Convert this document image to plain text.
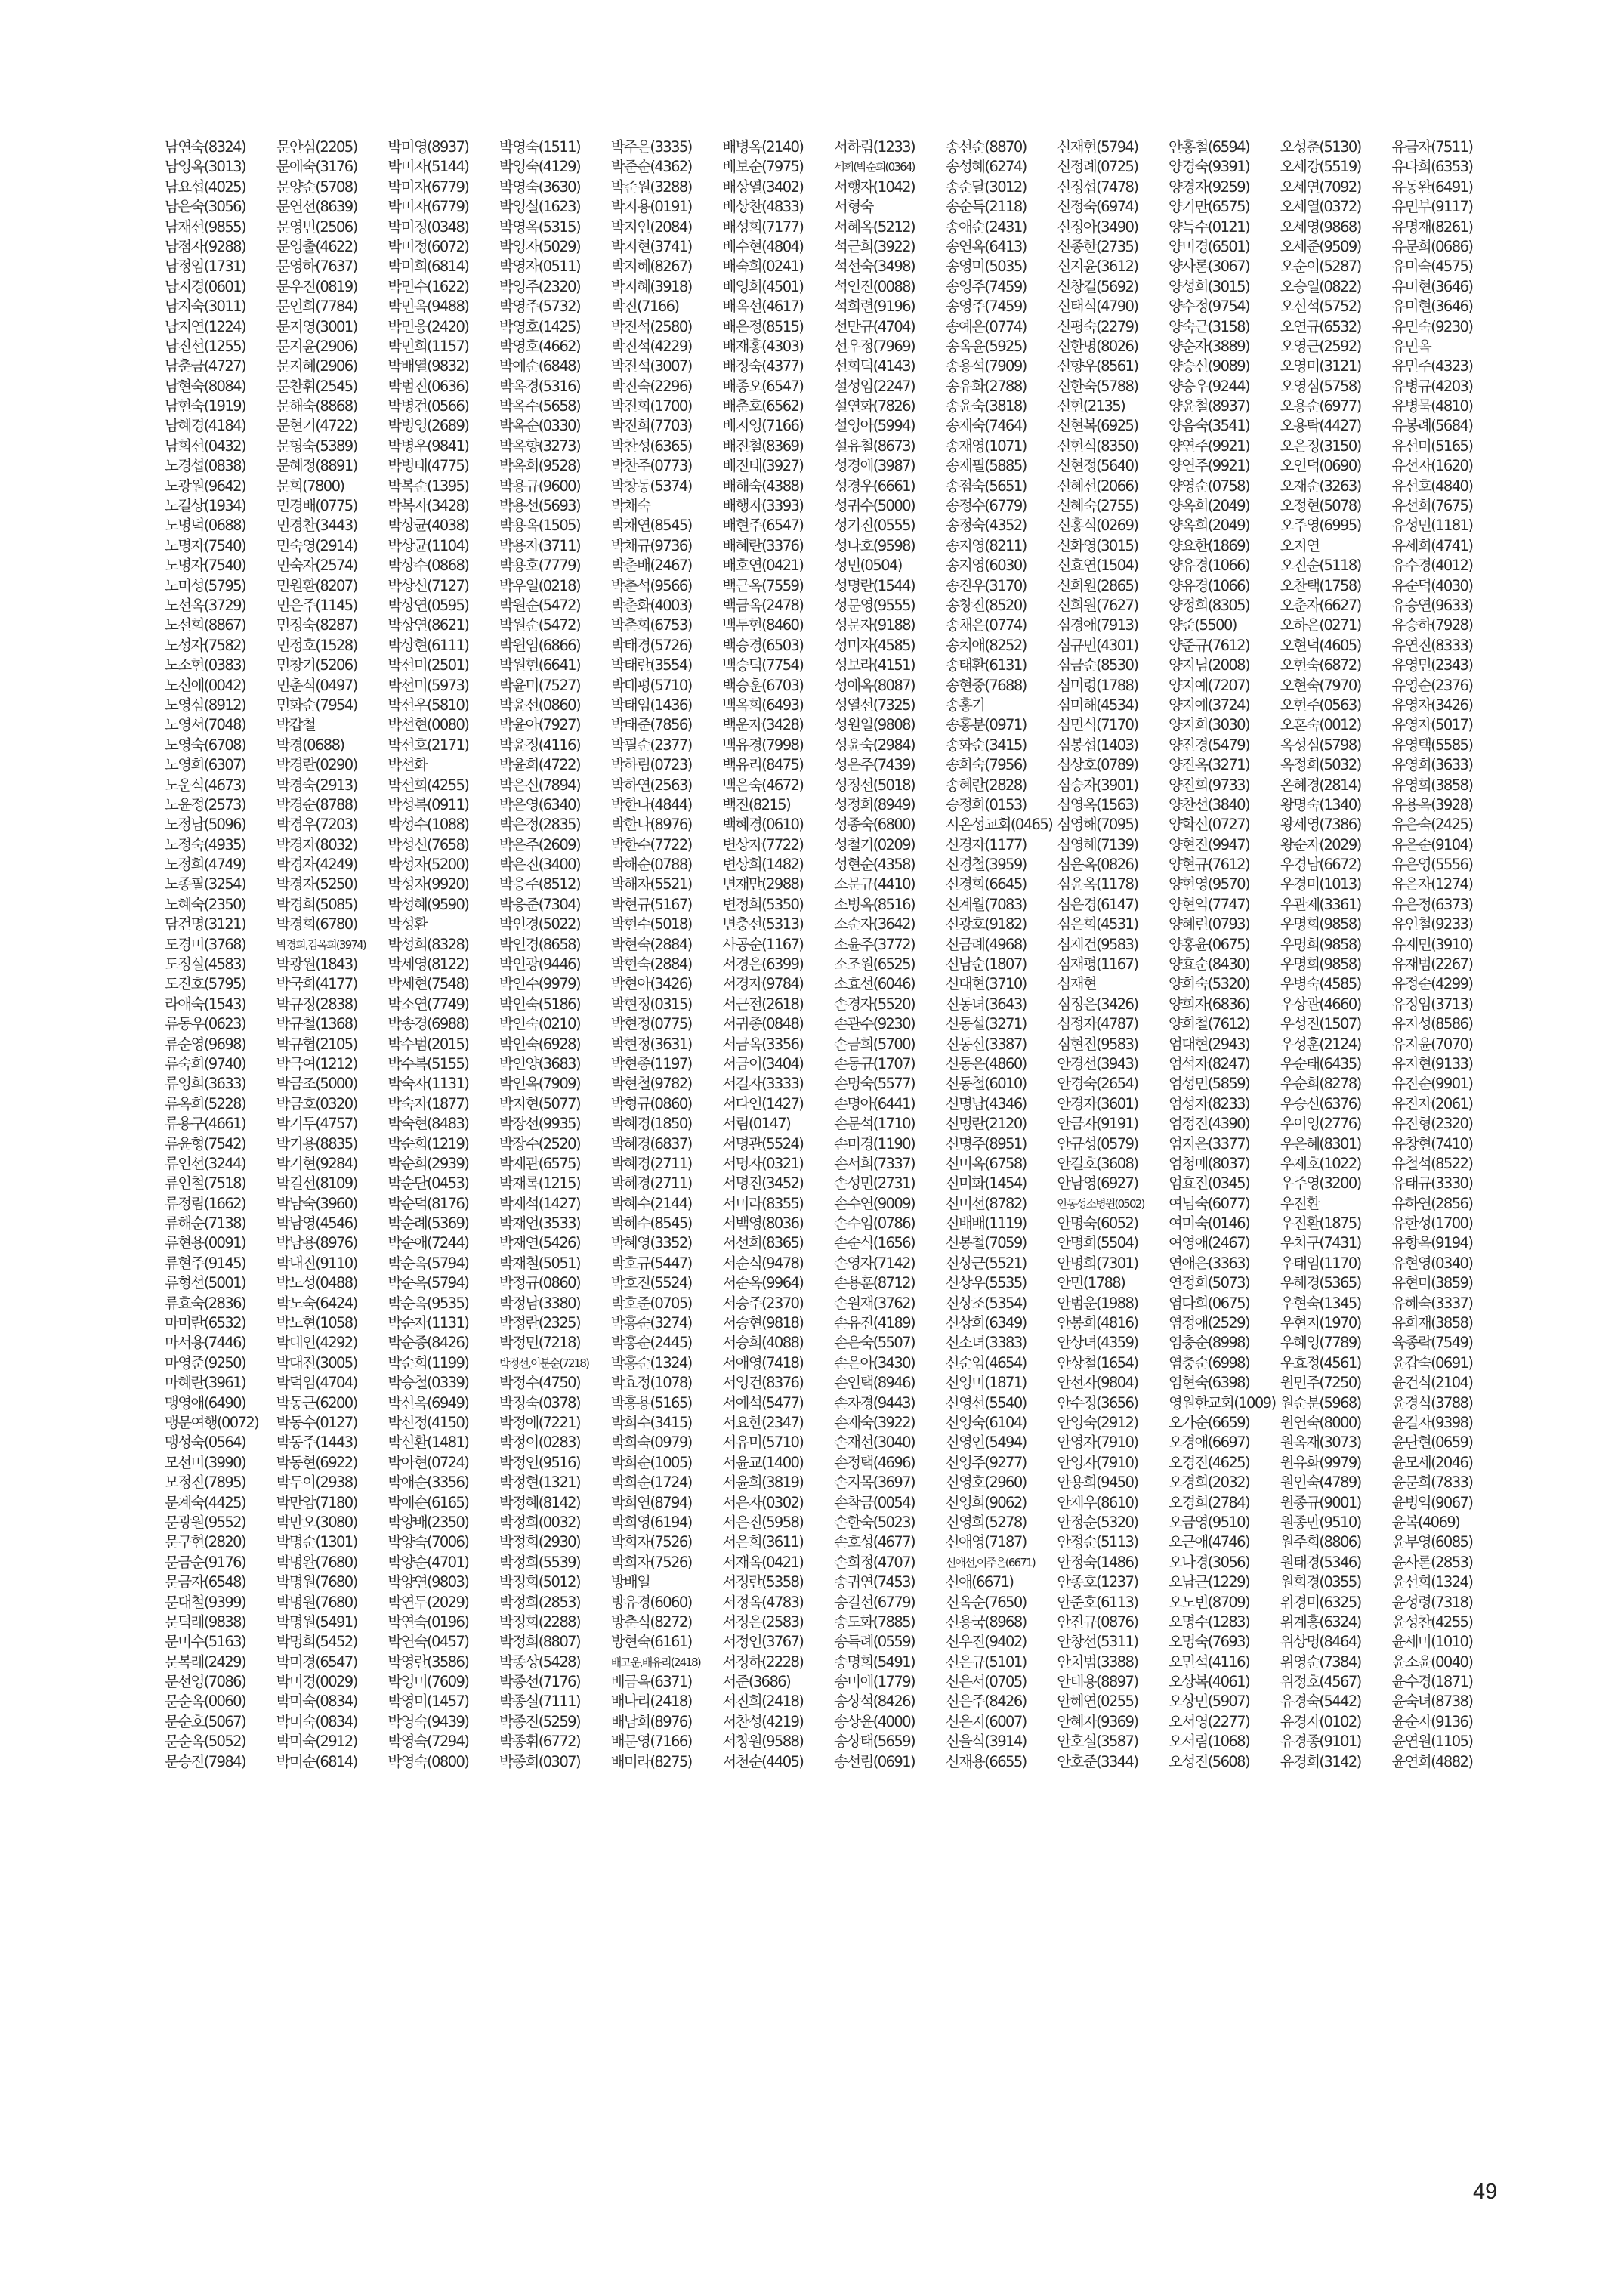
남연숙(8324)
남영옥(3013)
남요섭(4025)
남은숙(3056)
남재선(9855)
남점자(9288)
남정임(1731)
남지경(0601)
남지숙(3011)
남지연(1224)
남진선(1255)
남춘금(4727)
남현숙(8084)
남현숙(1919)
남혜경(4184)
남희선(0432)
노경섭(0838)
노광원(9642)
노길상(1934)
노명덕(0688)
노명자(7540)
노명자(7540)
노미성(5795)
노선옥(3729)
노선희(8867)
노성자(7582)
노소현(0383)
노신애(0042)
노영심(8912)
노영서(7048)
노영숙(6708)
노영희(6307)
노운식(4673)
노윤정(2573)
노정남(5096)
노정숙(4935)
노정희(4749)
노종필(3254)
노혜숙(2350)
담건명(3121)
도경미(3768)
도정실(4583)
도진호(5795)
라애숙(1543)
류동우(0623)
류순영(9698)
류숙희(9740)
류영희(3633)
류옥희(5228)
류용구(4661)
류윤형(7542)
류인선(3244)
류인철(7518)
류정림(1662)
류해순(7138)
류현용(0091)
류현주(9145)
류형선(5001)
류효숙(2836)
마미란(6532)
마서용(7446)
마영준(9250)
마혜란(3961)
맹영애(6490)
맹문여행(0072)
맹성숙(0564)
모선미(3990)
모정진(7895)
문계숙(4425)
문광원(9552)
문구현(2820)
문금순(9176)
문금자(6548)
문대철(9399)
문덕례(9838)
문미수(5163)
문복례(2429)
문선영(7086)
문순옥(0060)
문순호(5067)
문순옥(5052)
문승진(7984)
문안심(2205)
문애숙(3176)
문양순(5708)
문연선(8639)
문영빈(2506)
문영출(4622)
문영하(7637)
문우진(0819)
문인희(7784)
문지영(3001)
문지윤(2906)
문지혜(2906)
문찬휘(2545)
문해숙(8868)
문현기(4722)
문형숙(5389)
문혜정(8891)
문희(7800)
민경배(0775)
민경찬(3443)
민숙영(2914)
민숙자(2574)
민원환(8207)
민은주(1145)
민정숙(8287)
민정호(1528)
민창기(5206)
민춘식(0497)
민화순(7954)
박갑철
박경(0688)
박경란(0290)
박경숙(2913)
박경순(8788)
박경우(7203)
박경자(8032)
박경자(4249)
박경자(5250)
박경희(5085)
박경희(6780)
박경희,김옥희(3974)
박광원(1843)
박국희(4177)
박규정(2838)
박규철(1368)
박규협(2105)
박극여(1212)
박금조(5000)
박금호(0320)
박기두(4757)
박기용(8835)
박기현(9284)
박길선(8109)
박남숙(3960)
박남영(4546)
박남용(8976)
박내진(9110)
박노성(0488)
박노숙(6424)
박노현(1058)
박대인(4292)
박대진(3005)
박덕임(4704)
박동근(6200)
박동수(0127)
박동주(1443)
박동현(6922)
박두이(2938)
박만암(7180)
박만오(3080)
박명순(1301)
박명완(7680)
박명원(7680)
박명원(7680)
박명원(5491)
박명희(5452)
박미경(6547)
박미경(0029)
박미숙(0834)
박미숙(0834)
박미숙(2912)
박미순(6814)
박미영(8937)
박미자(5144)
박미자(6779)
박미자(6779)
박미정(0348)
박미정(6072)
박미희(6814)
박민수(1622)
박민옥(9488)
박민웅(2420)
박민희(1157)
박배열(9832)
박범진(0636)
박병건(0566)
박병영(2689)
박병우(9841)
박병태(4775)
박복순(1395)
박복자(3428)
박상균(4038)
박상균(1104)
박상수(0868)
박상신(7127)
박상연(0595)
박상연(8621)
박상현(6111)
박선미(2501)
박선미(5973)
박선우(5810)
박선현(0080)
박선호(2171)
박선화
박선희(4255)
박성복(0911)
박성수(1088)
박성신(7658)
박성자(5200)
박성자(9920)
박성혜(9590)
박성환
박성희(8328)
박세영(8122)
박세현(7548)
박소연(7749)
박송경(6988)
박수범(2015)
박수복(5155)
박숙자(1131)
박숙자(1877)
박숙현(8483)
박순희(1219)
박순희(2939)
박순단(0453)
박순덕(8176)
박순례(5369)
박순애(7244)
박순옥(5794)
박순옥(5794)
박순옥(9535)
박순자(1131)
박순종(8426)
박순희(1199)
박승철(0339)
박신옥(6949)
박신정(4150)
박신환(1481)
박아현(0724)
박애순(3356)
박애순(6165)
박양배(2350)
박양숙(7006)
박양순(4701)
박양연(9803)
박연두(2029)
박연숙(0196)
박연숙(0457)
박영란(3586)
박영미(7609)
박영미(1457)
박영숙(9439)
박영숙(7294)
박영숙(0800)
박영숙(1511)
박영숙(4129)
박영숙(3630)
박영실(1623)
박영옥(5315)
박영자(5029)
박영자(0511)
박영주(2320)
박영주(5732)
박영호(1425)
박영호(4662)
박예순(6848)
박옥경(5316)
박옥수(5658)
박옥순(0330)
박옥향(3273)
박옥희(9528)
박용규(9600)
박용선(5693)
박용옥(1505)
박용자(3711)
박용호(7779)
박우일(0218)
박원순(5472)
박원순(5472)
박원임(6866)
박원현(6641)
박윤미(7527)
박윤선(0860)
박윤아(7927)
박윤정(4116)
박윤희(4722)
박은신(7894)
박은영(6340)
박은정(2835)
박은주(2609)
박은진(3400)
박응주(8512)
박응준(7304)
박인경(5022)
박인경(8658)
박인광(9446)
박인수(9979)
박인숙(5186)
박인숙(0210)
박인숙(6928)
박인양(3683)
박인옥(7909)
박지현(5077)
박장선(9935)
박장수(2520)
박재관(6575)
박재록(1215)
박재석(1427)
박재언(3533)
박재연(5426)
박재철(5051)
박정규(0860)
박정남(3380)
박정란(2325)
박정민(7218)
박정선,이분순(7218)
박정수(4750)
박정숙(0378)
박정애(7221)
박정이(0283)
박정인(9516)
박정현(1321)
박정혜(8142)
박정희(0032)
박정희(2930)
박정희(5539)
박정희(5012)
박정희(2853)
박정희(2288)
박정희(8807)
박종상(5428)
박종선(7176)
박종실(7111)
박종진(5259)
박종휘(6772)
박종희(0307)
박주은(3335)
박준순(4362)
박준원(3288)
박지용(0191)
박지인(2084)
박지현(3741)
박지혜(8267)
박지혜(3918)
박진(7166)
박진석(2580)
박진석(4229)
박진석(3007)
박진숙(2296)
박진희(1700)
박진희(7703)
박찬성(6365)
박찬주(0773)
박창동(5374)
박채숙
박채연(8545)
박채규(9736)
박춘배(2467)
박춘석(9566)
박춘화(4003)
박춘희(6753)
박태경(5726)
박태란(3554)
박태평(5710)
박태임(1436)
박태준(7856)
박필순(2377)
박하림(0723)
박하연(2563)
박한나(4844)
박한나(8976)
박한수(7722)
박해순(0788)
박해자(5521)
박현규(5167)
박현수(5018)
박현숙(2884)
박현숙(2884)
박현아(3426)
박현정(0315)
박현정(0775)
박현정(3631)
박현종(1197)
박현철(9782)
박형규(0860)
박혜경(1850)
박혜경(6837)
박혜경(2711)
박혜경(2711)
박혜수(2144)
박혜수(8545)
박혜영(3352)
박호규(5447)
박호진(5524)
박호준(0705)
박홍순(3274)
박홍순(2445)
박홍순(1324)
박효정(1078)
박흥용(5165)
박희수(3415)
박희숙(0979)
박희순(1005)
박희순(1724)
박희연(8794)
박희영(6194)
박희자(7526)
박희자(7526)
방배일
방유경(6060)
방춘식(8272)
방현숙(6161)
배고운,배유리(2418)
배금옥(6371)
배나리(2418)
배남희(8976)
배문영(7166)
배미라(8275)
배병옥(2140)
배보순(7975)
배상열(3402)
배상찬(4833)
배성희(7177)
배수현(4804)
배숙희(0241)
배영희(4501)
배옥선(4617)
배은정(8515)
배재홍(4303)
배정숙(4377)
배종오(6547)
배춘호(6562)
배지영(7166)
배진철(8369)
배진태(3927)
배해숙(4388)
배행자(3393)
배현주(6547)
배혜란(3376)
배호연(0421)
백근옥(7559)
백금옥(2478)
백두현(8460)
백승경(6503)
백승덕(7754)
백승훈(6703)
백옥희(6493)
백운자(3428)
백유경(7998)
백유리(8475)
백은숙(4672)
백진(8215)
백혜경(0610)
변상자(7722)
변상희(1482)
변재만(2988)
변정희(5350)
변충선(5313)
사공순(1167)
서경은(6399)
서경자(9784)
서근전(2618)
서귀종(0848)
서금옥(3356)
서금이(3404)
서길자(3333)
서다인(1427)
서림(0147)
서명관(5524)
서명자(0321)
서명진(3452)
서미라(8355)
서백영(8036)
서선희(8365)
서순식(9478)
서순옥(9964)
서승주(2370)
서승현(9818)
서승희(4088)
서애영(7418)
서영건(8376)
서예석(5477)
서요한(2347)
서유미(5710)
서윤교(1400)
서윤희(3819)
서은자(0302)
서은진(5958)
서은희(3611)
서재옥(0421)
서정란(5358)
서정옥(4783)
서정은(2583)
서정인(3767)
서정하(2228)
서준(3686)
서진희(2418)
서찬성(4219)
서창원(9588)
서천순(4405)
서하림(1233)
세휘(박순희(0364)
서행자(1042)
서형숙
서혜옥(5212)
석근희(3922)
석선숙(3498)
석인진(0088)
석희련(9196)
선만규(4704)
선우정(7969)
선희덕(4143)
설성임(2247)
설연화(7826)
설영아(5994)
설유철(8673)
성경애(3987)
성경우(6661)
성귀수(5000)
성기진(0555)
성나호(9598)
성민(0504)
성명란(1544)
성문영(9555)
성문자(9188)
성미자(4585)
성보라(4151)
성애옥(8087)
성열선(7325)
성원일(9808)
성윤숙(2984)
성은주(7439)
성정선(5018)
성정희(8949)
성종숙(6800)
성철기(0209)
성현순(4358)
소문규(4410)
소병옥(8516)
소순자(3642)
소윤주(3772)
소조원(6525)
소효선(6046)
손경자(5520)
손관수(9230)
손금희(5700)
손동규(1707)
손명숙(5577)
손명아(6441)
손문석(1710)
손미경(1190)
손서희(7337)
손성민(2731)
손수연(9009)
손수임(0786)
손순식(1656)
손영자(7142)
손용훈(8712)
손원재(3762)
손유진(4189)
손은숙(5507)
손은아(3430)
손인택(8946)
손자경(9443)
손재숙(3922)
손재선(3040)
손정택(4696)
손지목(3697)
손착금(0054)
손한숙(5023)
손호성(4677)
손희정(4707)
송귀연(7453)
송길선(6779)
송도화(7885)
송득례(0559)
송명희(5491)
송미애(1779)
송상석(8426)
송상윤(4000)
송상태(5659)
송선림(0691)
송선순(8870)
송성혜(6274)
송순달(3012)
송순득(2118)
송애순(2431)
송연옥(6413)
송영미(5035)
송영주(7459)
송영주(7459)
송예은(0774)
송옥윤(5925)
송용석(7909)
송유화(2788)
송윤숙(3818)
송재숙(7464)
송재영(1071)
송재필(5885)
송점숙(5651)
송정수(6779)
송정숙(4352)
송지영(8211)
송지영(6030)
송진우(3170)
송창진(8520)
송채은(0774)
송치애(8252)
송태환(6131)
송현중(7688)
송홍기
송홍분(0971)
송화순(3415)
송희숙(7956)
송혜란(2828)
승정희(0153)
시온성교회(0465)
신경자(1177)
신경철(3959)
신경희(6645)
신계월(7083)
신광호(9182)
신금례(4968)
신남순(1807)
신대현(3710)
신동녀(3643)
신동설(3271)
신동신(3387)
신동은(4860)
신동철(6010)
신명남(4346)
신명란(2120)
신명주(8951)
신미옥(6758)
신미화(1454)
신미선(8782)
신배배(1119)
신봉철(7059)
신상근(5521)
신상우(5535)
신상조(5354)
신상희(6349)
신소녀(3383)
신순임(4654)
신영미(1871)
신영선(5540)
신영숙(6104)
신영인(5494)
신영주(9277)
신영호(2960)
신영희(9062)
신영희(5278)
신애영(7187)
신애선,이주은(6671)
신애(6671)
신옥순(7650)
신용국(8968)
신우진(9402)
신은규(5101)
신은서(0705)
신은주(8426)
신은지(6007)
신을식(3914)
신재용(6655)
신재현(5794)
신정례(0725)
신정섭(7478)
신정숙(6974)
신정아(3490)
신종한(2735)
신지윤(3612)
신창길(5692)
신태식(4790)
신평숙(2279)
신한명(8026)
신향우(8561)
신한숙(5788)
신현(2135)
신현복(6925)
신현식(8350)
신현정(5640)
신혜선(2066)
신혜숙(2755)
신홍식(0269)
신화영(3015)
신효연(1504)
신희원(2865)
신희원(7627)
심경애(7913)
심규민(4301)
심금순(8530)
심미령(1788)
심미해(4534)
심민식(7170)
심봉섭(1403)
심상호(0789)
심승자(3901)
심영옥(1563)
심영해(7095)
심영해(7139)
심윤옥(0826)
심윤옥(1178)
심은경(6147)
심은희(4531)
심재건(9583)
심재평(1167)
심재현
심정은(3426)
심정자(4787)
심현진(9583)
안경선(3943)
안경숙(2654)
안경자(3601)
안금자(9191)
안규성(0579)
안길호(3608)
안남영(6927)
안동성소병원(0502)
안명숙(6052)
안명희(5504)
안명희(7301)
안민(1788)
안범운(1988)
안봉희(4816)
안상녀(4359)
안상철(1654)
안선자(9804)
안수정(3656)
안영숙(2912)
안영자(7910)
안영자(7910)
안용희(9450)
안재우(8610)
안정순(5320)
안정순(5113)
안정숙(1486)
안종호(1237)
안준호(6113)
안진규(0876)
안창선(5311)
안치범(3388)
안태용(8897)
안혜연(0255)
안혜자(9369)
안호실(3587)
안호준(3344)
안홍철(6594)
양경숙(9391)
양경자(9259)
양기만(6575)
양득수(0121)
양미경(6501)
양사론(3067)
양성희(3015)
양수정(9754)
양숙근(3158)
양순자(3889)
양승신(9089)
양승우(9244)
양윤철(8937)
양음숙(3541)
양연주(9921)
양연주(9921)
양영순(0758)
양옥희(2049)
양옥희(2049)
양요한(1869)
양유경(1066)
양유경(1066)
양정희(8305)
양준(5500)
양준규(7612)
양지님(2008)
양지예(7207)
양지예(3724)
양지희(3030)
양진경(5479)
양진옥(3271)
양진희(9733)
양찬선(3840)
양학신(0727)
양현진(9947)
양현규(7612)
양현영(9570)
양현익(7747)
양혜린(0793)
양홍윤(0675)
양효순(8430)
양희숙(5320)
양희자(6836)
양희철(7612)
엄대현(2943)
엄석자(8247)
엄성민(5859)
엄성자(8233)
엄정진(4390)
엄지은(3377)
엄청매(8037)
엄효진(0345)
여님숙(6077)
여미숙(0146)
여영애(2467)
연애은(3363)
연정희(5073)
염다희(0675)
염정애(2529)
염충순(8998)
염충순(6998)
염현숙(6398)
영원한교회(1009)
오가순(6659)
오경애(6697)
오경진(4625)
오경희(2032)
오경희(2784)
오금영(9510)
오근애(4746)
오나경(3056)
오남근(1229)
오노빈(8709)
오명수(1283)
오명숙(7693)
오민석(4116)
오상복(4061)
오상민(5907)
오서영(2277)
오서림(1068)
오성진(5608)
오성춘(5130)
오세강(5519)
오세연(7092)
오세열(0372)
오세영(9868)
오세준(9509)
오순이(5287)
오승일(0822)
오신석(5752)
오연규(6532)
오영근(2592)
오영미(3121)
오영심(5758)
오용순(6977)
오용탁(4427)
오은정(3150)
오인덕(0690)
오재순(3263)
오정현(5078)
오주영(6995)
오지연
오진순(5118)
오찬택(1758)
오춘자(6627)
오하은(0271)
오현덕(4605)
오현숙(6872)
오현숙(7970)
오현주(0563)
오혼숙(0012)
옥성심(5798)
옥정희(5032)
온혜경(2814)
왕명숙(1340)
왕세영(7386)
왕순자(2029)
우경남(6672)
우경미(1013)
우관제(3361)
우명희(9858)
우명희(9858)
우명희(9858)
우병숙(4585)
우상관(4660)
우성진(1507)
우성훈(2124)
우순태(6435)
우순희(8278)
우승신(6376)
우이영(2776)
우은혜(8301)
우제호(1022)
우주영(3200)
우진환
우진환(1875)
우치구(7431)
우태임(1170)
우해경(5365)
우현숙(1345)
우현지(1970)
우혜영(7789)
우효정(4561)
원민주(7250)
원순분(5968)
원연숙(8000)
원옥재(3073)
원유화(9979)
원인숙(4789)
원종규(9001)
원종만(9510)
원주희(8806)
원태경(5346)
원희경(0355)
위경미(6325)
위계흥(6324)
위상명(8464)
위영순(7384)
위정호(4567)
유경숙(5442)
유경자(0102)
유경종(9101)
유경희(3142)
유금자(7511)
유다희(6353)
유동완(6491)
유민부(9117)
유명재(8261)
유문희(0686)
유미숙(4575)
유미현(3646)
유미현(3646)
유민숙(9230)
유민옥
유민주(4323)
유병규(4203)
유병묵(4810)
유봉례(5684)
유선미(5165)
유선자(1620)
유선호(4840)
유선희(7675)
유성민(1181)
유세희(4741)
유수경(4012)
유순덕(4030)
유승연(9633)
유승하(7928)
유연진(8333)
유영민(2343)
유영순(2376)
유영자(3426)
유영자(5017)
유영택(5585)
유영희(3633)
유영희(3858)
유용옥(3928)
유은숙(2425)
유은순(9104)
유은영(5556)
유은자(1274)
유은정(6373)
유인철(9233)
유재민(3910)
유재범(2267)
유정순(4299)
유정임(3713)
유지성(8586)
유지윤(7070)
유지현(9133)
유진순(9901)
유진자(2061)
유진형(2320)
유창현(7410)
유철석(8522)
유태규(3330)
유하연(2856)
유한성(1700)
유향옥(9194)
유현영(0340)
유현미(3859)
유혜숙(3337)
유희재(3858)
육종락(7549)
윤갑숙(0691)
윤건식(2104)
윤경식(3788)
윤길자(9398)
윤단현(0659)
윤모세(2046)
윤문희(7833)
윤병익(9067)
윤복(4069)
윤부영(6085)
윤사론(2853)
윤선희(1324)
윤성령(7318)
윤성찬(4255)
윤세미(1010)
윤소윤(0040)
윤수경(1871)
윤숙녀(8738)
윤순자(9136)
윤연원(1105)
윤연희(4882)
49
